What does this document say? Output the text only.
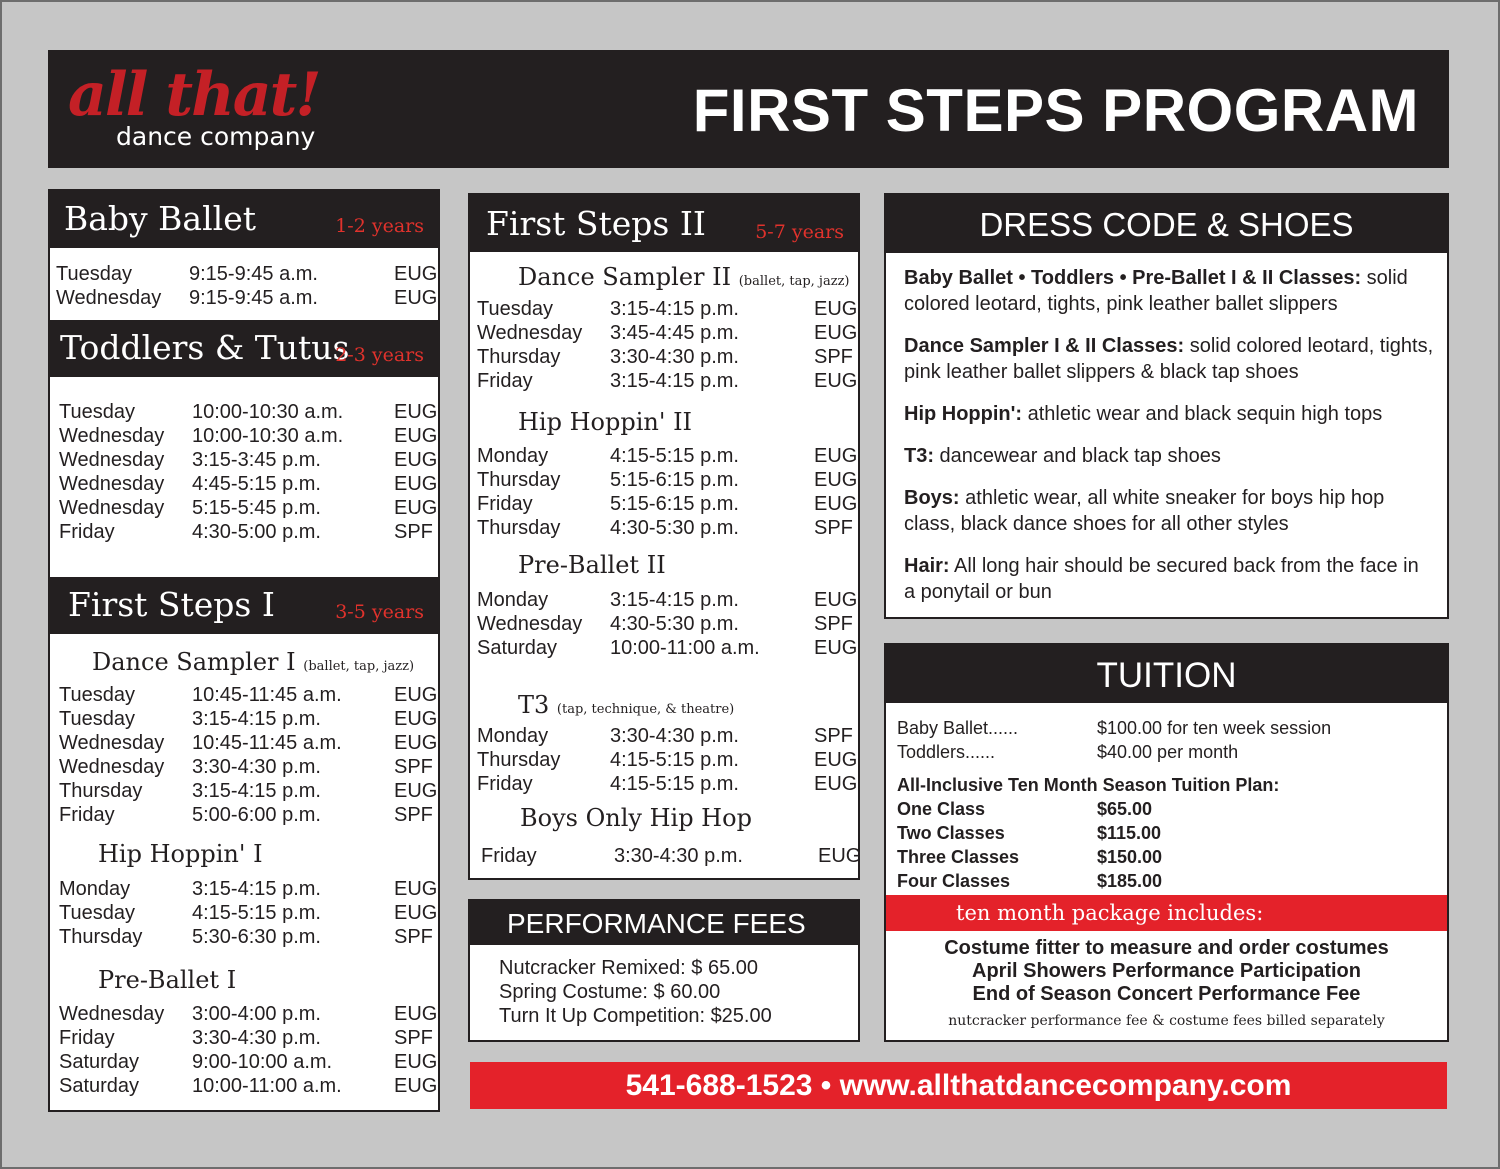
all that!
dance company	FIRST STEPS PROGRAM
Baby Ballet	1-2 years
Tuesday	9:15-9:45 a.m.	EUG
Wednesday	9:15-9:45 a.m.	EUG
Toddlers & Tutus
2-3 years
Tuesday	10:00-10:30 a.m.	EUG
Wednesday	10:00-10:30 a.m.	EUG
Wednesday	3:15-3:45 p.m.	EUG
Wednesday	4:45-5:15 p.m.	EUG
Wednesday	5:15-5:45 p.m.	EUG
Friday	4:30-5:00 p.m.	SPF
First Steps I	3-5 years
Dance Sampler I (ballet, tap, jazz)
Tuesday	10:45-11:45 a.m.	EUG
Tuesday	3:15-4:15 p.m.	EUG
Wednesday	10:45-11:45 a.m.	EUG
Wednesday	3:30-4:30 p.m.	SPF
Thursday	3:15-4:15 p.m.	EUG
Friday	5:00-6:00 p.m.	SPF
Hip Hoppin' I
Monday	3:15-4:15 p.m.	EUG
Tuesday	4:15-5:15 p.m.	EUG
Thursday	5:30-6:30 p.m.	SPF
Pre-Ballet I
Wednesday	3:00-4:00 p.m.	EUG
Friday	3:30-4:30 p.m.	SPF
Saturday	9:00-10:00 a.m.	EUG
Saturday	10:00-11:00 a.m.	EUG
First Steps II	5-7 years
Dance Sampler II (ballet, tap, jazz)
Tuesday	3:15-4:15 p.m.	EUG
Wednesday	3:45-4:45 p.m.	EUG
Thursday	3:30-4:30 p.m.	SPF
Friday	3:15-4:15 p.m.	EUG
Hip Hoppin' II
Monday	4:15-5:15 p.m.	EUG
Thursday	5:15-6:15 p.m.	EUG
Friday	5:15-6:15 p.m.	EUG
Thursday	4:30-5:30 p.m.	SPF
Pre-Ballet II
Monday	3:15-4:15 p.m.	EUG
Wednesday	4:30-5:30 p.m.	SPF
Saturday	10:00-11:00 a.m.	EUG
T3 (tap, technique, & theatre)
Monday	3:30-4:30 p.m.	SPF
Thursday	4:15-5:15 p.m.	EUG
Friday	4:15-5:15 p.m.	EUG
Boys Only Hip Hop
Friday	3:30-4:30 p.m.	EUG
PERFORMANCE FEES
Nutcracker Remixed: $ 65.00
Spring Costume: $ 60.00
Turn It Up Competition: $25.00
DRESS CODE & SHOES

Baby Ballet • Toddlers • Pre-Ballet I & II Classes: solid colored leotard, tights, pink leather ballet slippers

Dance Sampler I & II Classes: solid colored leotard, tights, pink leather ballet slippers & black tap shoes

Hip Hoppin': athletic wear and black sequin high tops

T3: dancewear and black tap shoes

Boys: athletic wear, all white sneaker for boys hip hop class, black dance shoes for all other styles

Hair: All long hair should be secured back from the face in a ponytail or bun

TUITION
Baby Ballet......	$100.00 for ten week session
Toddlers......	$40.00 per month
All-Inclusive Ten Month Season Tuition Plan:
One Class	$65.00
Two Classes	$115.00
Three Classes	$150.00
Four Classes	$185.00
ten month package includes:
Costume fitter to measure and order costumes
April Showers Performance Participation
End of Season Concert Performance Fee
nutcracker performance fee & costume fees billed separately
541-688-1523 • www.allthatdancecompany.com
